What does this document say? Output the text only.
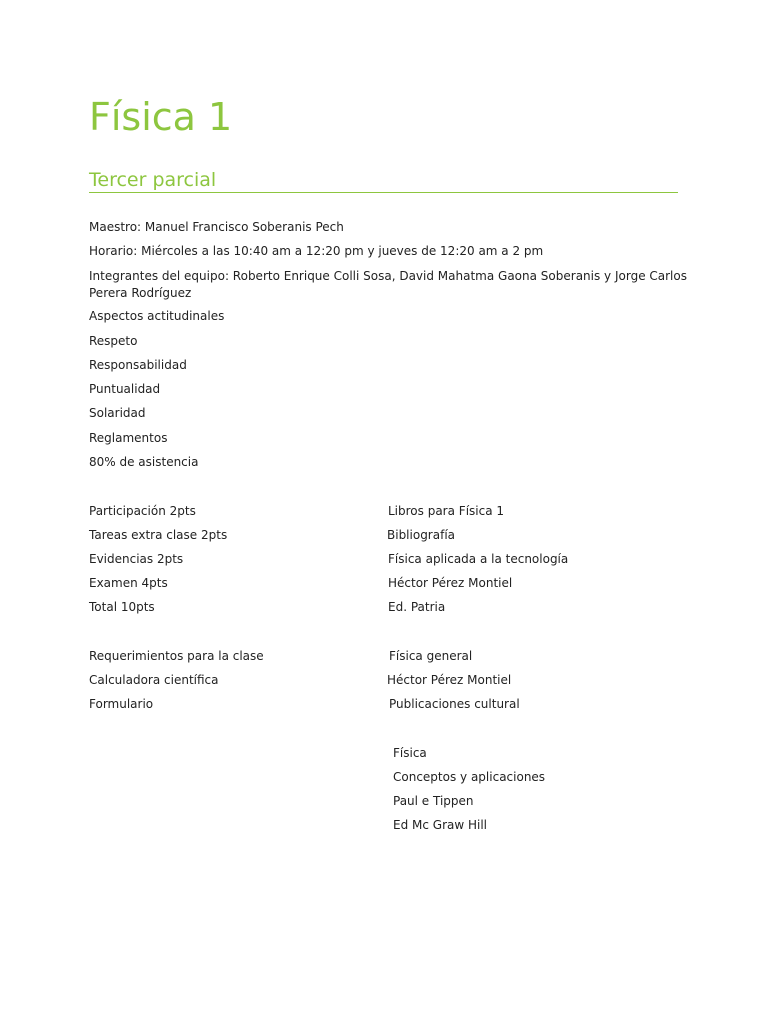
Física 1
Tercer parcial
Maestro: Manuel Francisco Soberanis Pech
Horario: Miércoles a las 10:40 am a 12:20 pm y jueves de 12:20 am a 2 pm
Integrantes del equipo: Roberto Enrique Colli Sosa, David Mahatma Gaona Soberanis y Jorge Carlos
Perera Rodríguez
Aspectos actitudinales
Respeto
Responsabilidad
Puntualidad
Solaridad
Reglamentos
80% de asistencia
Participación 2pts
Tareas extra clase 2pts
Evidencias 2pts
Examen 4pts
Total 10pts
Requerimientos para la clase
Calculadora científica
Formulario
Libros para Física 1
Bibliografía
Física aplicada a la tecnología
Héctor Pérez Montiel
Ed. Patria
Física general
Héctor Pérez Montiel
Publicaciones cultural
Física
Conceptos y aplicaciones
Paul e Tippen
Ed Mc Graw Hill
